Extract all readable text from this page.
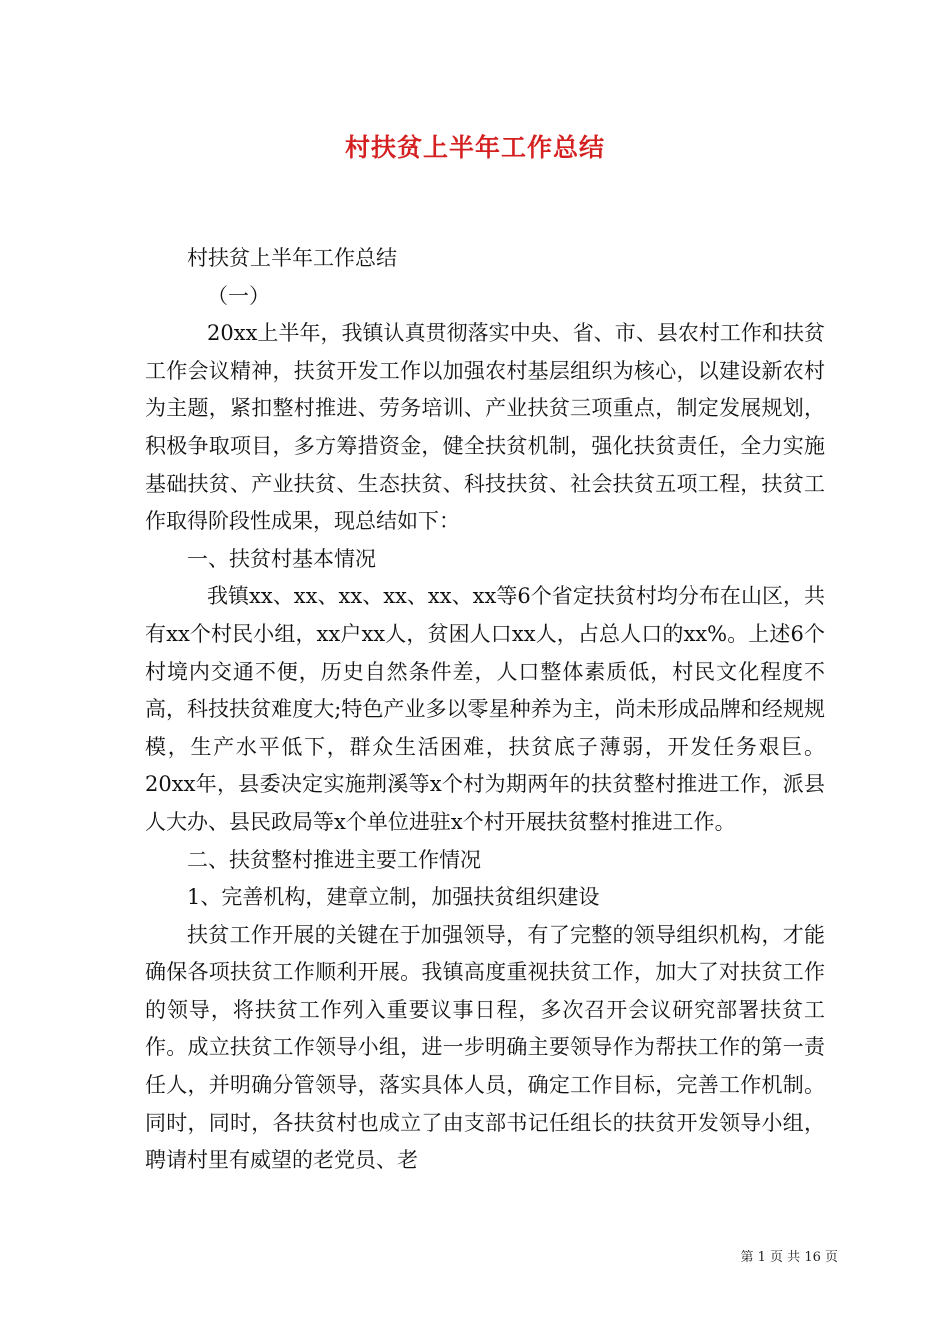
村扶贫上半年工作总结

村扶贫上半年工作总结

（一）

20xx上半年，我镇认真贯彻落实中央、省、市、县农村工作和扶贫工作会议精神，扶贫开发工作以加强农村基层组织为核心，以建设新农村为主题，紧扣整村推进、劳务培训、产业扶贫三项重点，制定发展规划，积极争取项目，多方筹措资金，健全扶贫机制，强化扶贫责任，全力实施基础扶贫、产业扶贫、生态扶贫、科技扶贫、社会扶贫五项工程，扶贫工作取得阶段性成果，现总结如下：

一、扶贫村基本情况

我镇xx、xx、xx、xx、xx、xx等6个省定扶贫村均分布在山区，共有xx个村民小组，xx户xx人，贫困人口xx人，占总人口的xx%。上述6个村境内交通不便，历史自然条件差，人口整体素质低，村民文化程度不高，科技扶贫难度大;特色产业多以零星种养为主，尚未形成品牌和经规规模，生产水平低下，群众生活困难，扶贫底子薄弱，开发任务艰巨。20xx年，县委决定实施荆溪等x个村为期两年的扶贫整村推进工作，派县人大办、县民政局等x个单位进驻x个村开展扶贫整村推进工作。

二、扶贫整村推进主要工作情况

1、完善机构，建章立制，加强扶贫组织建设

扶贫工作开展的关键在于加强领导，有了完整的领导组织机构，才能确保各项扶贫工作顺利开展。我镇高度重视扶贫工作，加大了对扶贫工作的领导，将扶贫工作列入重要议事日程，多次召开会议研究部署扶贫工作。成立扶贫工作领导小组，进一步明确主要领导作为帮扶工作的第一责任人，并明确分管领导，落实具体人员，确定工作目标，完善工作机制。同时，同时，各扶贫村也成立了由支部书记任组长的扶贫开发领导小组，聘请村里有威望的老党员、老

第 1 页 共 16 页
